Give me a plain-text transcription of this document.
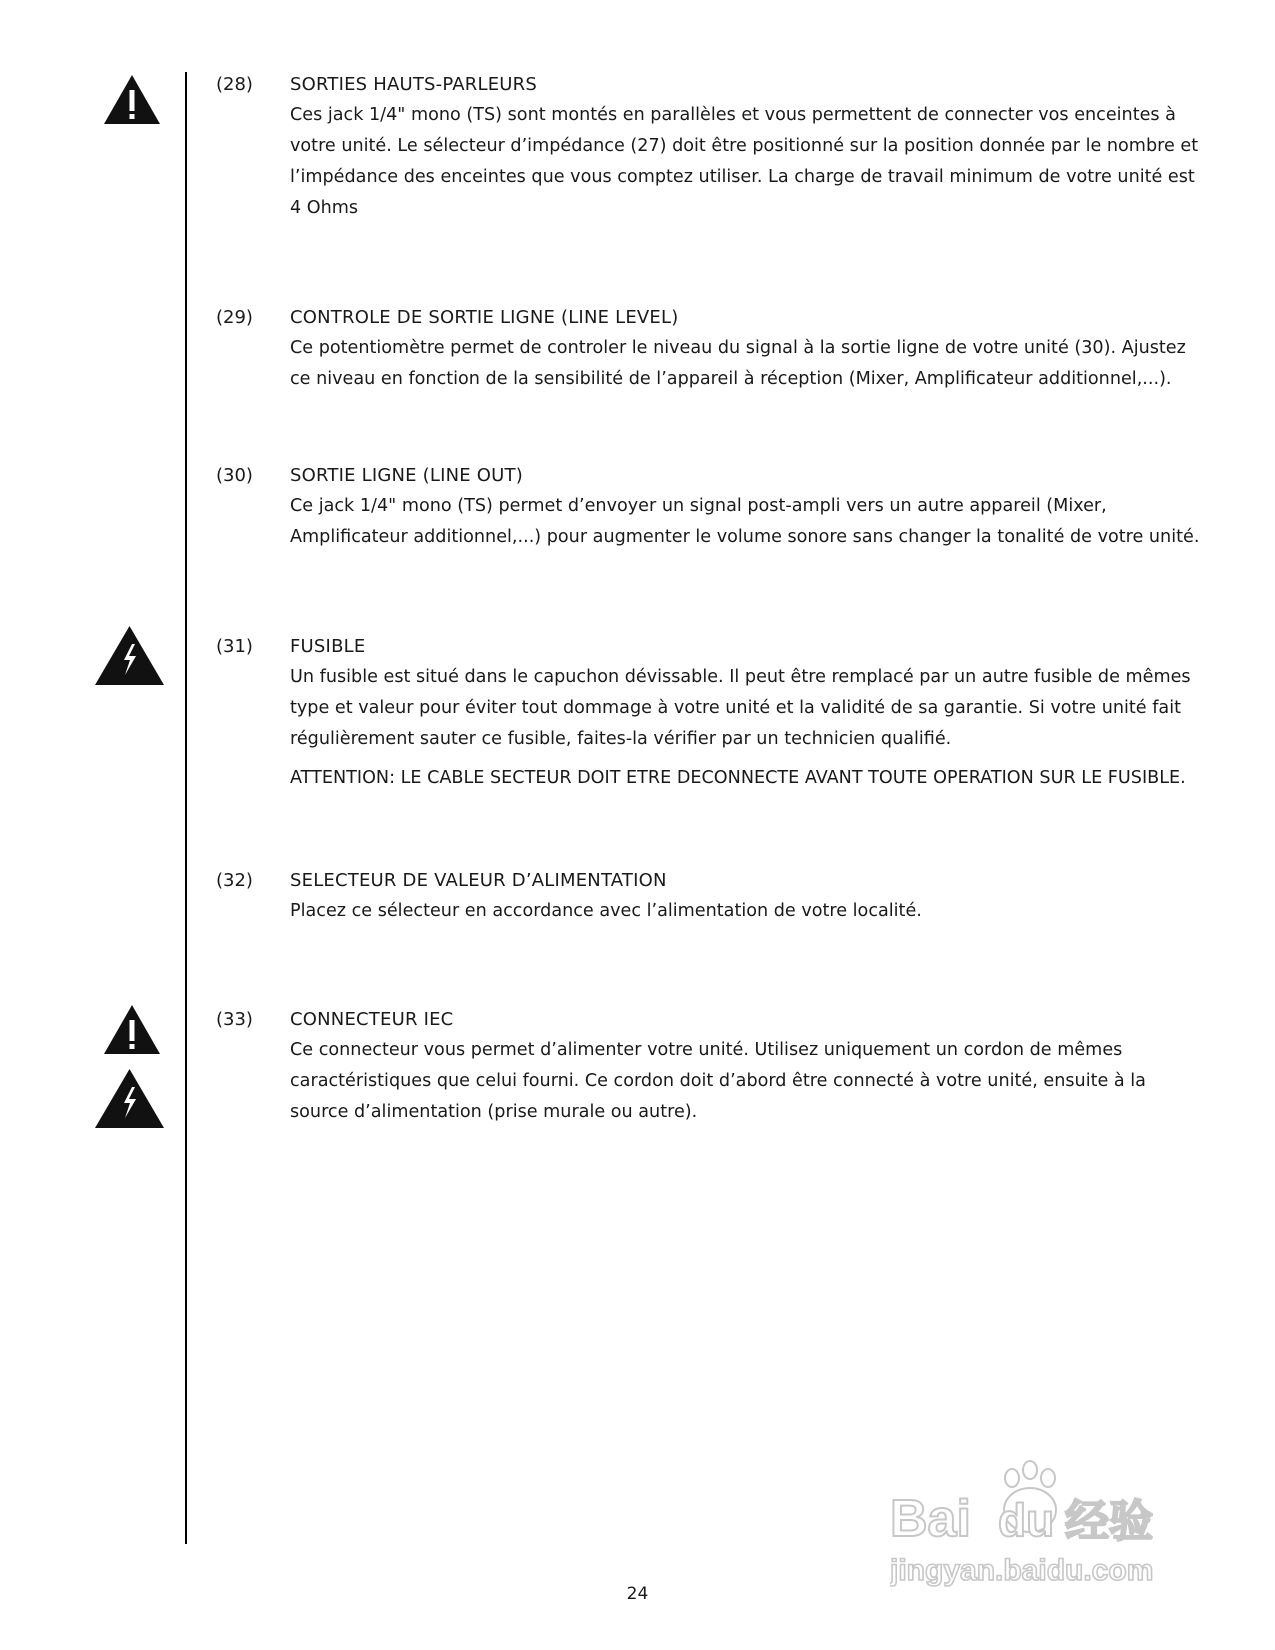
(28) SORTIES HAUTS-PARLEURS

Ces jack 1/4" mono (TS) sont montés en parallèles et vous permettent de connecter vos enceintes à votre unité. Le sélecteur d’impédance (27) doit être positionné sur la position donnée par le nombre et l’impédance des enceintes que vous comptez utiliser. La charge de travail minimum de votre unité est 4 Ohms

(29) CONTROLE DE SORTIE LIGNE (LINE LEVEL)

Ce potentiomètre permet de controler le niveau du signal à la sortie ligne de votre unité (30). Ajustez ce niveau en fonction de la sensibilité de l’appareil à réception (Mixer, Amplificateur additionnel,...).

(30) SORTIE LIGNE (LINE OUT)

Ce jack 1/4" mono (TS) permet d’envoyer un signal post-ampli vers un autre appareil (Mixer, Amplificateur additionnel,...) pour augmenter le volume sonore sans changer la tonalité de votre unité.

(31) FUSIBLE

Un fusible est situé dans le capuchon dévissable. Il peut être remplacé par un autre fusible de mêmes type et valeur pour éviter tout dommage à votre unité et la validité de sa garantie. Si votre unité fait régulièrement sauter ce fusible, faites-la vérifier par un technicien qualifié.

ATTENTION: LE CABLE SECTEUR DOIT ETRE DECONNECTE AVANT TOUTE OPERATION SUR LE FUSIBLE.

(32) SELECTEUR DE VALEUR D’ALIMENTATION

Placez ce sélecteur en accordance avec l’alimentation de votre localité.

(33) CONNECTEUR IEC

Ce connecteur vous permet d’alimenter votre unité. Utilisez uniquement un cordon de mêmes caractéristiques que celui fourni. Ce cordon doit d’abord être connecté à votre unité, ensuite à la source d’alimentation (prise murale ou autre).

24
Bai du 经验
jingyan.baidu.com
